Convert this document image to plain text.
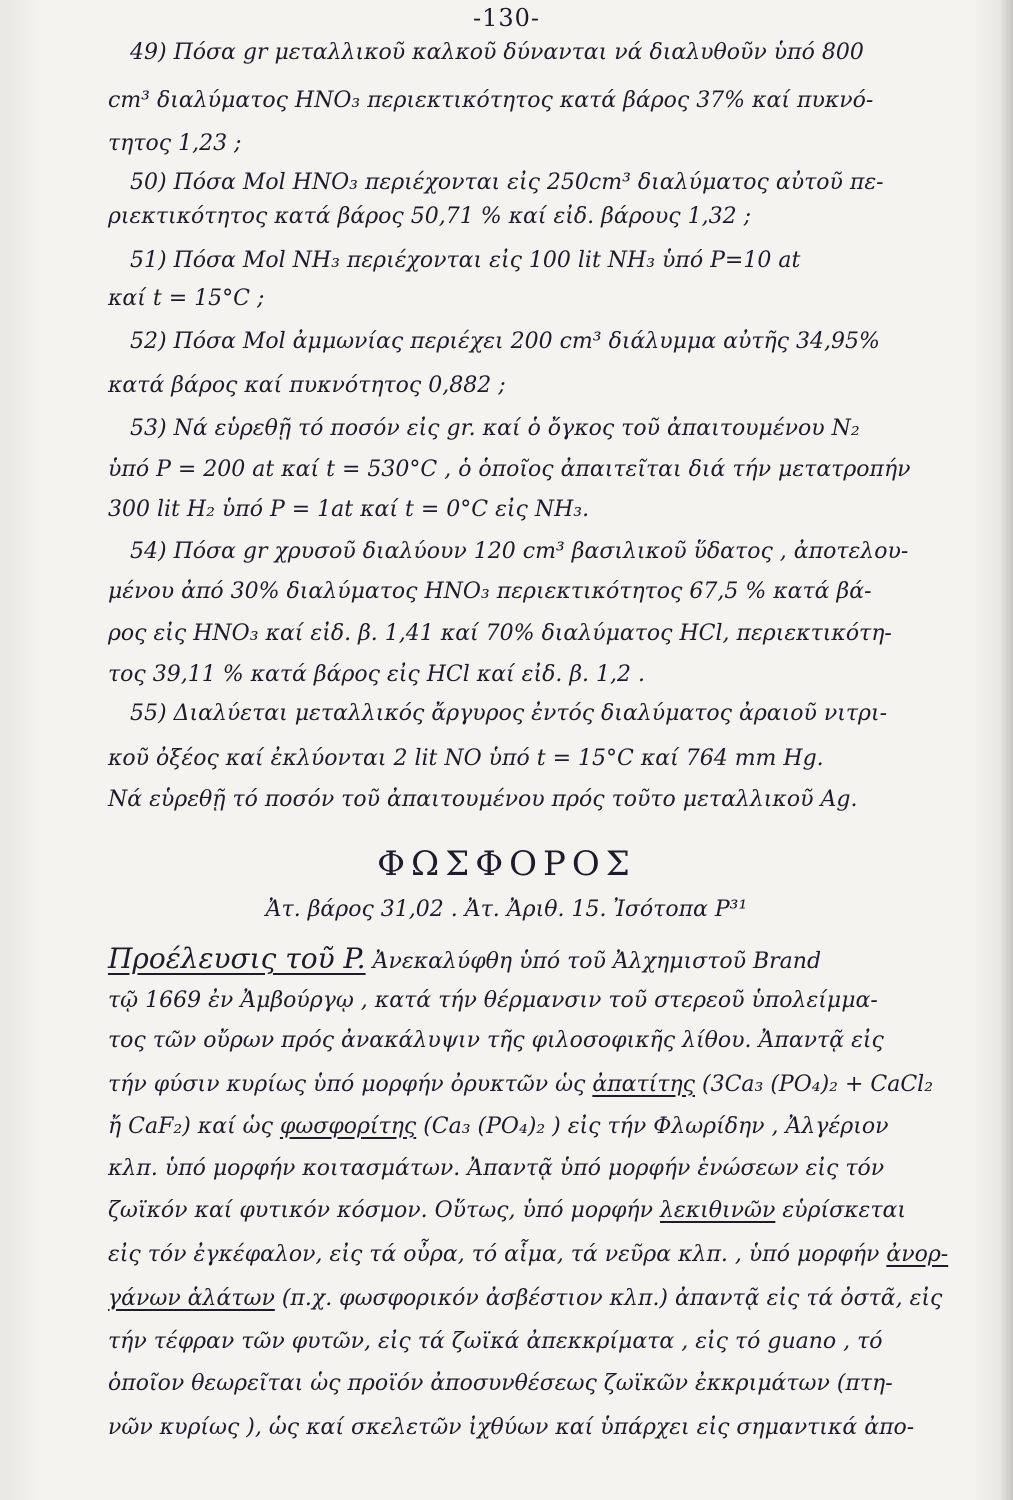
-130-
49) Πόσα gr μεταλλικοῦ καλκοῦ δύνανται νά διαλυθοῦν ὑπό 800
cm³ διαλύματος HNO₃ περιεκτικότητος κατά βάρος 37% καί πυκνό-
τητος 1,23 ;
50) Πόσα Mol HNO₃ περιέχονται εἰς 250cm³ διαλύματος αὐτοῦ πε-
ριεκτικότητος κατά βάρος 50,71 % καί εἰδ. βάρους 1,32 ;
51) Πόσα Mol NH₃ περιέχονται εἰς 100 lit NH₃ ὑπό P=10 at
καί t = 15°C ;
52) Πόσα Mol ἀμμωνίας περιέχει 200 cm³ διάλυμμα αὐτῆς 34,95%
κατά βάρος καί πυκνότητος 0,882 ;
53) Νά εὑρεθῇ τό ποσόν εἰς gr. καί ὁ ὄγκος τοῦ ἀπαιτουμένου N₂
ὑπό P = 200 at καί t = 530°C , ὁ ὁποῖος ἀπαιτεῖται διά τήν μετατροπήν
300 lit H₂ ὑπό P = 1at καί t = 0°C εἰς NH₃.
54) Πόσα gr χρυσοῦ διαλύουν 120 cm³ βασιλικοῦ ὕδατος , ἀποτελου-
μένου ἀπό 30% διαλύματος HNO₃ περιεκτικότητος 67,5 % κατά βά-
ρος εἰς HNO₃ καί εἰδ. β. 1,41 καί 70% διαλύματος HCl, περιεκτικότη-
τος 39,11 % κατά βάρος εἰς HCl καί εἰδ. β. 1,2 .
55) Διαλύεται μεταλλικός ἄργυρος ἐντός διαλύματος ἀραιοῦ νιτρι-
κοῦ ὀξέος καί ἐκλύονται 2 lit NO ὑπό t = 15°C καί 764 mm Hg.
Νά εὑρεθῇ τό ποσόν τοῦ ἀπαιτουμένου πρός τοῦτο μεταλλικοῦ Ag.
ΦΩΣΦΟΡΟΣ
Ἀτ. βάρος 31,02 . Ἀτ. Ἀριθ. 15. Ἰσότοπα P³¹
Προέλευσις τοῦ P. Ἀνεκαλύφθη ὑπό τοῦ Ἀλχημιστοῦ Brand
τῷ 1669 ἐν Ἀμβούργῳ , κατά τήν θέρμανσιν τοῦ στερεοῦ ὑπολείμμα-
τος τῶν οὔρων πρός ἀνακάλυψιν τῆς φιλοσοφικῆς λίθου. Ἀπαντᾷ εἰς
τήν φύσιν κυρίως ὑπό μορφήν ὀρυκτῶν ὡς ἀπατίτης (3Ca₃ (PO₄)₂ + CaCl₂
ἤ CaF₂) καί ὡς φωσφορίτης (Ca₃ (PO₄)₂ ) εἰς τήν Φλωρίδην , Ἀλγέριον
κλπ. ὑπό μορφήν κοιτασμάτων. Ἀπαντᾷ ὑπό μορφήν ἑνώσεων εἰς τόν
ζωϊκόν καί φυτικόν κόσμον. Οὕτως, ὑπό μορφήν λεκιθινῶν εὑρίσκεται
εἰς τόν ἐγκέφαλον, εἰς τά οὖρα, τό αἷμα, τά νεῦρα κλπ. , ὑπό μορφήν ἀνορ-
γάνων ἁλάτων (π.χ. φωσφορικόν ἀσβέστιον κλπ.) ἀπαντᾷ εἰς τά ὀστᾶ, εἰς
τήν τέφραν τῶν φυτῶν, εἰς τά ζωϊκά ἀπεκκρίματα , εἰς τό guano , τό
ὁποῖον θεωρεῖται ὡς προϊόν ἀποσυνθέσεως ζωϊκῶν ἐκκριμάτων (πτη-
νῶν κυρίως ), ὡς καί σκελετῶν ἰχθύων καί ὑπάρχει εἰς σημαντικά ἀπο-
